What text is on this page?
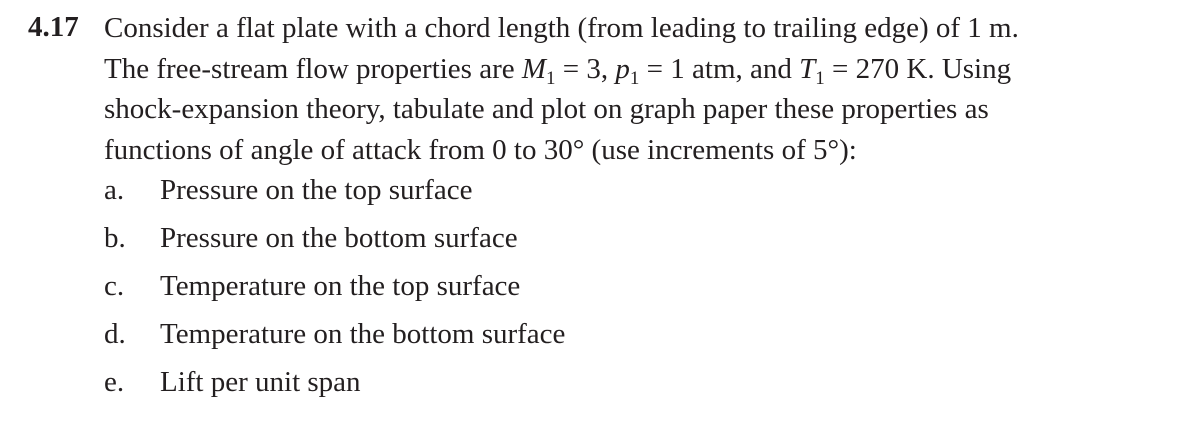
4.17 Consider a flat plate with a chord length (from leading to trailing edge) of 1 m.
The free-stream flow properties are $M_1 = 3$, $p_1 = 1$ atm, and $T_1 = 270$ K. Using
shock-expansion theory, tabulate and plot on graph paper these properties as
functions of angle of attack from 0 to 30° (use increments of 5°):
a.	Pressure on the top surface
b.	Pressure on the bottom surface
c.	Temperature on the top surface
d.	Temperature on the bottom surface
e.	Lift per unit span
